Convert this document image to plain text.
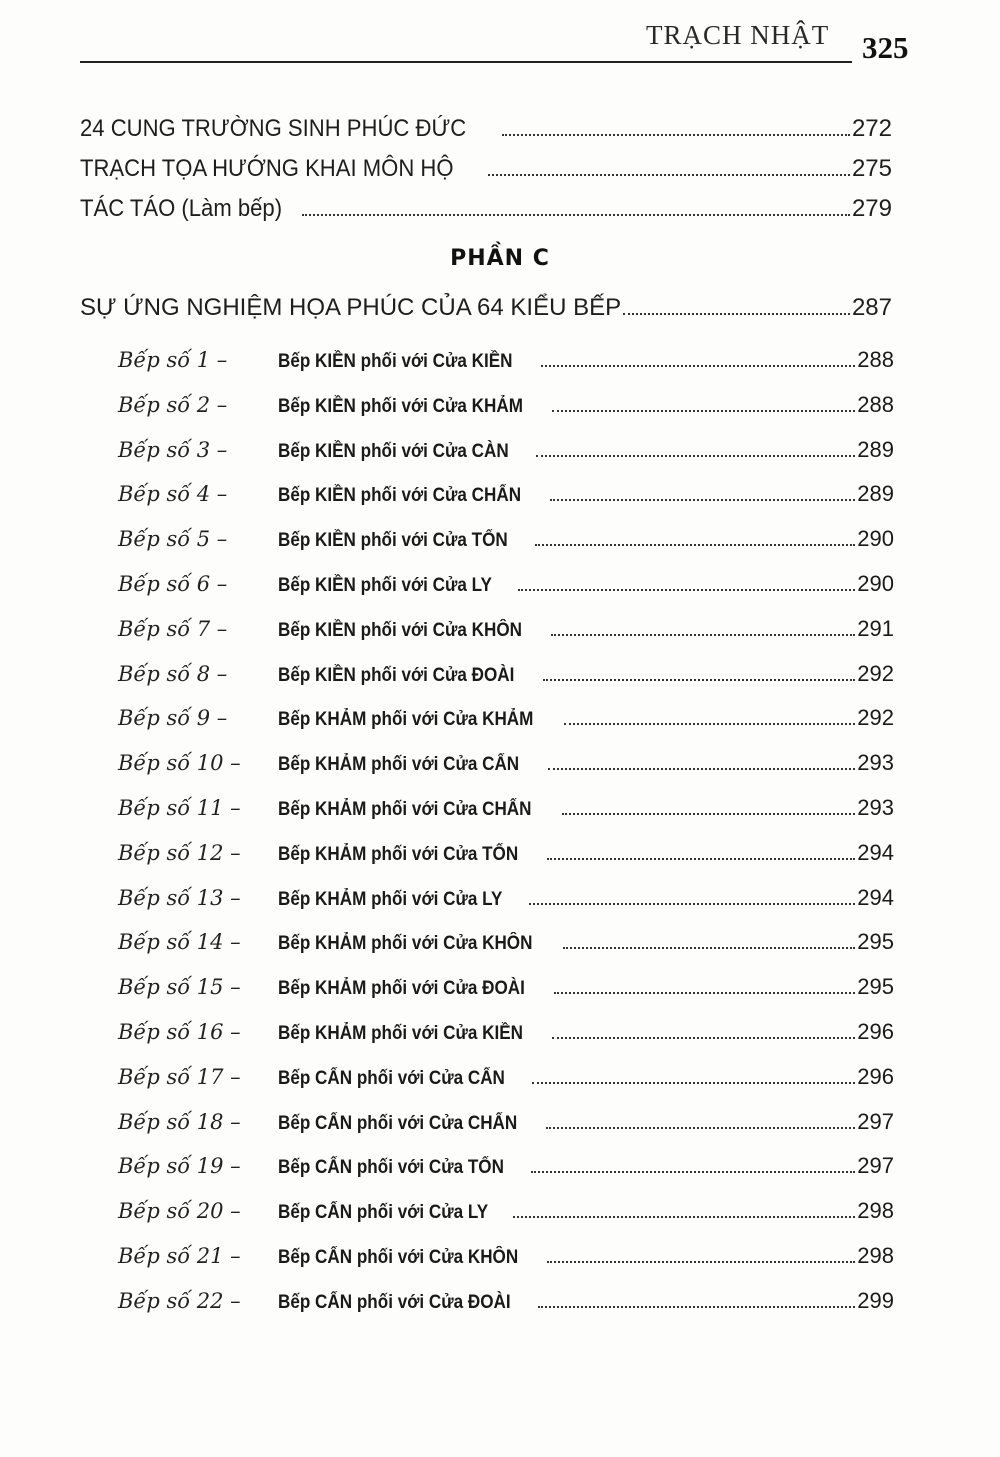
TRẠCH NHẬT 325
24 CUNG TRƯỜNG SINH PHÚC ĐỨC	272
TRẠCH TỌA HƯỚNG KHAI MÔN HỘ	275
TÁC TÁO (Làm bếp)	279
PHẦN C
SỰ ỨNG NGHIỆM HỌA PHÚC CỦA 64 KIỂU BẾP	287
Bếp số 1 –	Bếp KIỀN phối với Cửa KIỀN	288
Bếp số 2 –	Bếp KIỀN phối với Cửa KHẢM	288
Bếp số 3 –	Bếp KIỀN phối với Cửa CÀN	289
Bếp số 4 –	Bếp KIỀN phối với Cửa CHẤN	289
Bếp số 5 –	Bếp KIỀN phối với Cửa TỐN	290
Bếp số 6 –	Bếp KIỀN phối với Cửa LY	290
Bếp số 7 –	Bếp KIỀN phối với Cửa KHÔN	291
Bếp số 8 –	Bếp KIỀN phối với Cửa ĐOÀI	292
Bếp số 9 –	Bếp KHẢM phối với Cửa KHẢM	292
Bếp số 10 –	Bếp KHẢM phối với Cửa CẤN	293
Bếp số 11 –	Bếp KHẢM phối với Cửa CHẤN	293
Bếp số 12 –	Bếp KHẢM phối với Cửa TỐN	294
Bếp số 13 –	Bếp KHẢM phối với Cửa LY	294
Bếp số 14 –	Bếp KHẢM phối với Cửa KHÔN	295
Bếp số 15 –	Bếp KHẢM phối với Cửa ĐOÀI	295
Bếp số 16 –	Bếp KHẢM phối với Cửa KIỀN	296
Bếp số 17 –	Bếp CẤN phối với Cửa CẤN	296
Bếp số 18 –	Bếp CẤN phối với Cửa CHẤN	297
Bếp số 19 –	Bếp CẤN phối với Cửa TỐN	297
Bếp số 20 –	Bếp CẤN phối với Cửa LY	298
Bếp số 21 –	Bếp CẤN phối với Cửa KHÔN	298
Bếp số 22 –	Bếp CẤN phối với Cửa ĐOÀI	299
